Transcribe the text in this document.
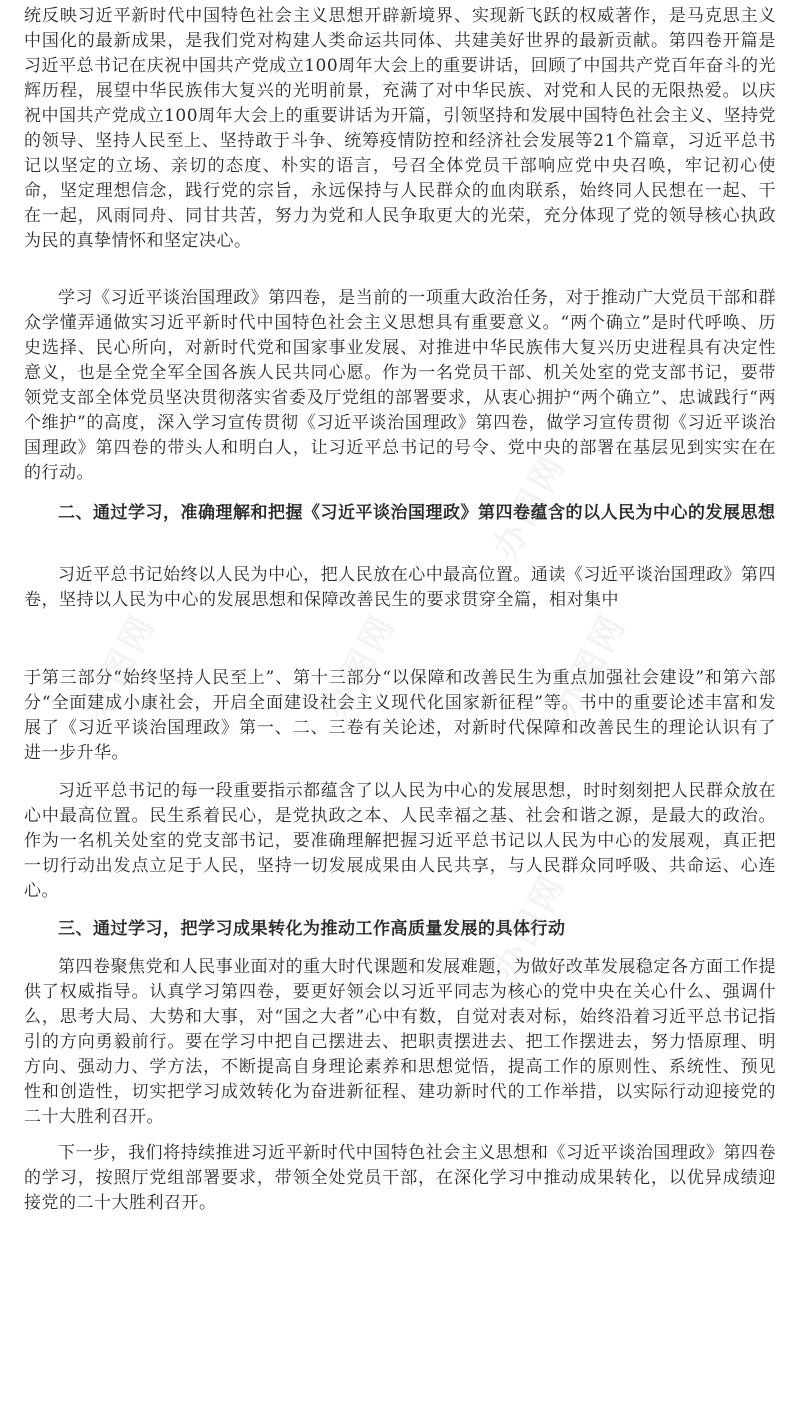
办图网
办图网	办图网	办图网
办图网

统反映习近平新时代中国特色社会主义思想开辟新境界、实现新飞跃的权威著作，是马克思主义中国化的最新成果，是我们党对构建人类命运共同体、共建美好世界的最新贡献。第四卷开篇是习近平总书记在庆祝中国共产党成立100周年大会上的重要讲话，回顾了中国共产党百年奋斗的光辉历程，展望中华民族伟大复兴的光明前景，充满了对中华民族、对党和人民的无限热爱。以庆祝中国共产党成立100周年大会上的重要讲话为开篇，引领坚持和发展中国特色社会主义、坚持党的领导、坚持人民至上、坚持敢于斗争、统筹疫情防控和经济社会发展等21个篇章，习近平总书记以坚定的立场、亲切的态度、朴实的语言，号召全体党员干部响应党中央召唤，牢记初心使命，坚定理想信念，践行党的宗旨，永远保持与人民群众的血肉联系，始终同人民想在一起、干在一起，风雨同舟、同甘共苦，努力为党和人民争取更大的光荣，充分体现了党的领导核心执政为民的真挚情怀和坚定决心。

学习《习近平谈治国理政》第四卷，是当前的一项重大政治任务，对于推动广大党员干部和群众学懂弄通做实习近平新时代中国特色社会主义思想具有重要意义。“两个确立”是时代呼唤、历史选择、民心所向，对新时代党和国家事业发展、对推进中华民族伟大复兴历史进程具有决定性意义，也是全党全军全国各族人民共同心愿。作为一名党员干部、机关处室的党支部书记，要带领党支部全体党员坚决贯彻落实省委及厅党组的部署要求，从衷心拥护“两个确立”、忠诚践行“两个维护”的高度，深入学习宣传贯彻《习近平谈治国理政》第四卷，做学习宣传贯彻《习近平谈治国理政》第四卷的带头人和明白人，让习近平总书记的号令、党中央的部署在基层见到实实在在的行动。

二、通过学习，准确理解和把握《习近平谈治国理政》第四卷蕴含的以人民为中心的发展思想

习近平总书记始终以人民为中心，把人民放在心中最高位置。通读《习近平谈治国理政》第四卷，坚持以人民为中心的发展思想和保障改善民生的要求贯穿全篇，相对集中

于第三部分“始终坚持人民至上”、第十三部分“以保障和改善民生为重点加强社会建设”和第六部分“全面建成小康社会，开启全面建设社会主义现代化国家新征程”等。书中的重要论述丰富和发展了《习近平谈治国理政》第一、二、三卷有关论述，对新时代保障和改善民生的理论认识有了进一步升华。

习近平总书记的每一段重要指示都蕴含了以人民为中心的发展思想，时时刻刻把人民群众放在心中最高位置。民生系着民心，是党执政之本、人民幸福之基、社会和谐之源，是最大的政治。作为一名机关处室的党支部书记，要准确理解把握习近平总书记以人民为中心的发展观，真正把一切行动出发点立足于人民，坚持一切发展成果由人民共享，与人民群众同呼吸、共命运、心连心。

三、通过学习，把学习成果转化为推动工作高质量发展的具体行动

第四卷聚焦党和人民事业面对的重大时代课题和发展难题，为做好改革发展稳定各方面工作提供了权威指导。认真学习第四卷，要更好领会以习近平同志为核心的党中央在关心什么、强调什么，思考大局、大势和大事，对“国之大者”心中有数，自觉对表对标，始终沿着习近平总书记指引的方向勇毅前行。要在学习中把自己摆进去、把职责摆进去、把工作摆进去，努力悟原理、明方向、强动力、学方法，不断提高自身理论素养和思想觉悟，提高工作的原则性、系统性、预见性和创造性，切实把学习成效转化为奋进新征程、建功新时代的工作举措，以实际行动迎接党的二十大胜利召开。

下一步，我们将持续推进习近平新时代中国特色社会主义思想和《习近平谈治国理政》第四卷的学习，按照厅党组部署要求，带领全处党员干部，在深化学习中推动成果转化，以优异成绩迎接党的二十大胜利召开。
